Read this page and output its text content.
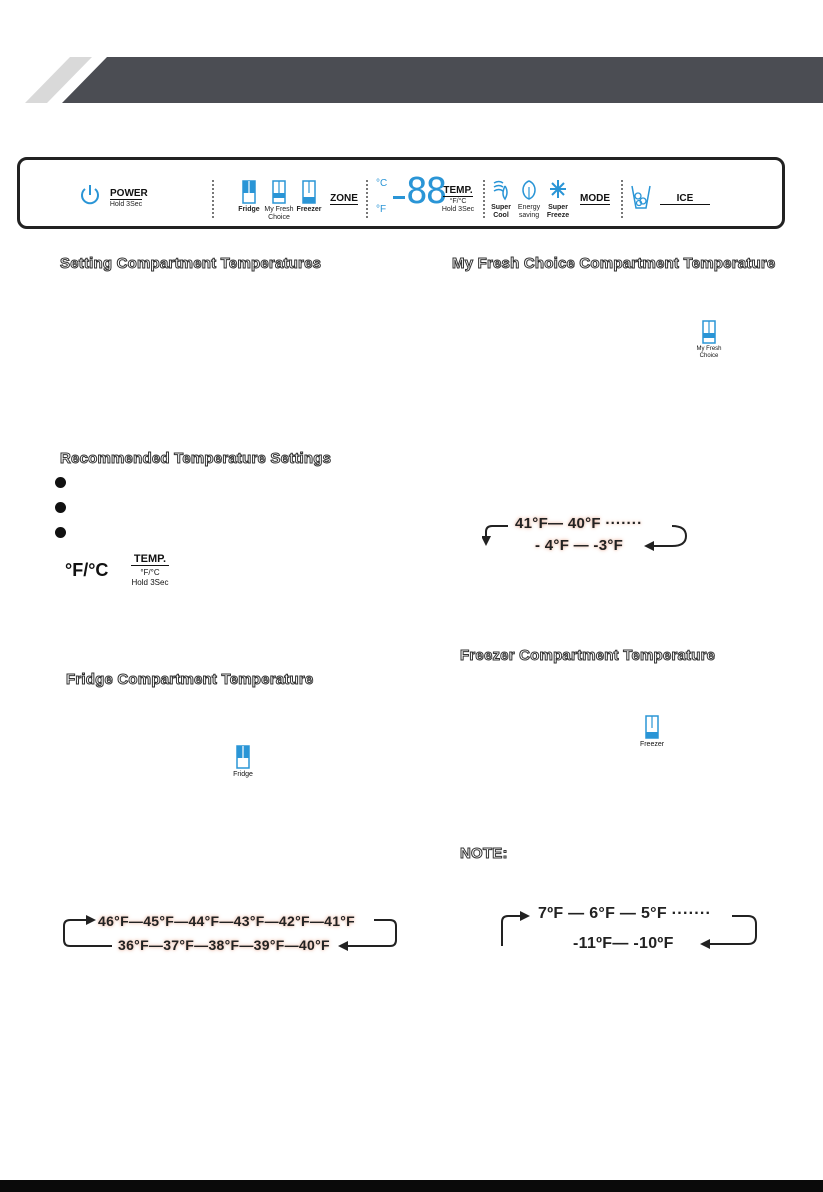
POWER
Hold 3Sec
Fridge My Fresh Choice
Freezer
ZONE
°C
°F 88
TEMP.
°F/°C
Hold 3Sec	Super Cool
Energy saving
Super Freeze
MODE	ICE
Setting Compartment Temperatures
Recommended Temperature Settings
°F/°C
TEMP.
°F/°C
Hold 3Sec
Fridge Compartment Temperature
Fridge
46°F—45°F—44°F—43°F—42°F—41°F
36°F—37°F—38°F—39°F—40°F
My Fresh Choice Compartment Temperature
My Fresh
Choice
41°F— 40°F ·······
- 4°F — -3°F
Freezer Compartment Temperature
Freezer
NOTE:
7ºF — 6°F — 5°F ·······
-11ºF— -10ºF
